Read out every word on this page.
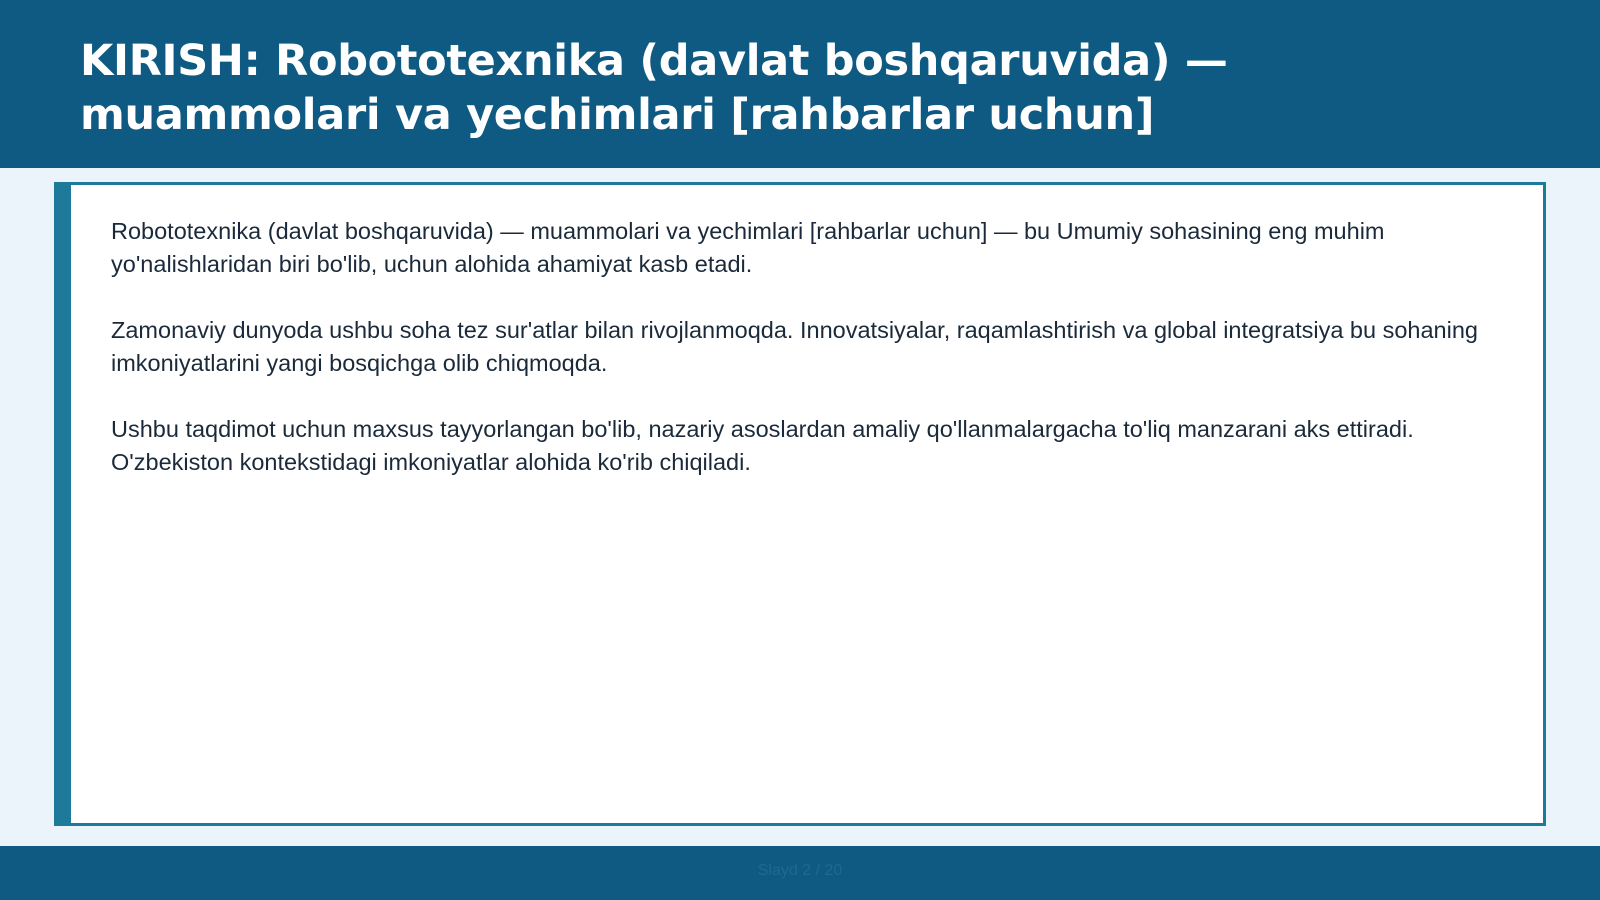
KIRISH: Robototexnika (davlat boshqaruvida) — muammolari va yechimlari [rahbarlar uchun]

Robototexnika (davlat boshqaruvida) — muammolari va yechimlari [rahbarlar uchun] — bu Umumiy sohasining eng muhim yo'nalishlaridan biri bo'lib, uchun alohida ahamiyat kasb etadi.

Zamonaviy dunyoda ushbu soha tez sur'atlar bilan rivojlanmoqda. Innovatsiyalar, raqamlashtirish va global integratsiya bu sohaning imkoniyatlarini yangi bosqichga olib chiqmoqda.

Ushbu taqdimot uchun maxsus tayyorlangan bo'lib, nazariy asoslardan amaliy qo'llanmalargacha to'liq manzarani aks ettiradi. O'zbekiston kontekstidagi imkoniyatlar alohida ko'rib chiqiladi.

Slayd 2 / 20
